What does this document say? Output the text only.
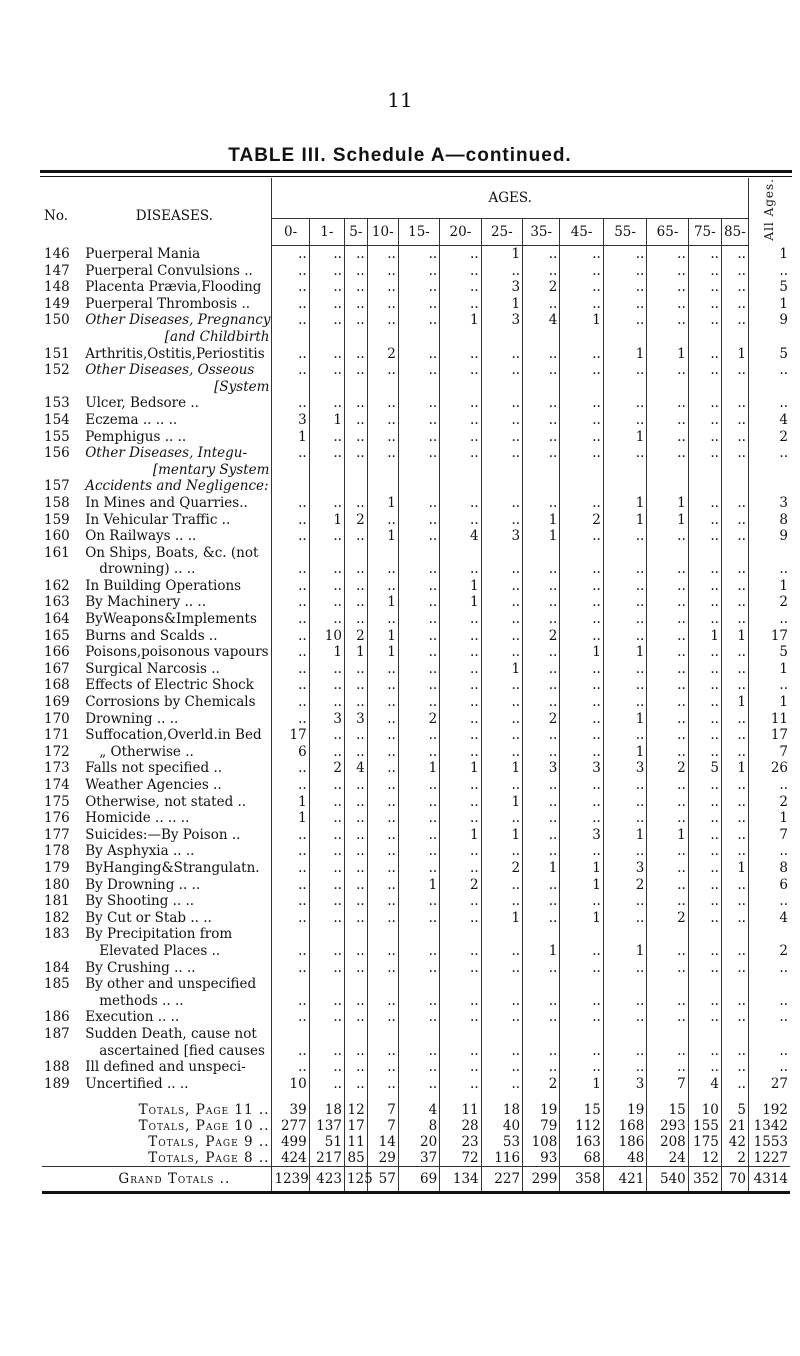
11
TABLE III. Schedule A—continued.
No.	DISEASES.	AGES.													All Ages.
		0-	1-	5-	10-	15-	20-	25-	35-	45-	55-	65-	75-	85-	
146	Puerperal Mania	..	..	..	..	..	..	1	..	..	..	..	..	..	1
147	Puerperal Convulsions ..	..	..	..	..	..	..	..	..	..	..	..	..	..	..
148	Placenta Prævia,Flooding	..	..	..	..	..	..	3	2	..	..	..	..	..	5
149	Puerperal Thrombosis ..	..	..	..	..	..	..	1	..	..	..	..	..	..	1
150	Other Diseases, Pregnancy	..	..	..	..	..	1	3	4	1	..	..	..	..	9
	[and Childbirth														
151	Arthritis,Ostitis,Periostitis	..	..	..	2	..	..	..	..	..	1	1	..	1	5
152	Other Diseases, Osseous	..	..	..	..	..	..	..	..	..	..	..	..	..	..
	[System														
153	Ulcer, Bedsore ..	..	..	..	..	..	..	..	..	..	..	..	..	..	..
154	Eczema .. .. ..	3	1	..	..	..	..	..	..	..	..	..	..	..	4
155	Pemphigus .. ..	1	..	..	..	..	..	..	..	..	1	..	..	..	2
156	Other Diseases, Integu-	..	..	..	..	..	..	..	..	..	..	..	..	..	..
	[mentary System														
157	Accidents and Negligence:														
158	In Mines and Quarries..	..	..	..	1	..	..	..	..	..	1	1	..	..	3
159	In Vehicular Traffic ..	..	1	2	..	..	..	..	1	2	1	1	..	..	8
160	On Railways .. ..	..	..	..	1	..	4	3	1	..	..	..	..	..	9
161	On Ships, Boats, &c. (not														
	drowning) .. ..	..	..	..	..	..	..	..	..	..	..	..	..	..	..
162	In Building Operations	..	..	..	..	..	1	..	..	..	..	..	..	..	1
163	By Machinery .. ..	..	..	..	1	..	1	..	..	..	..	..	..	..	2
164	ByWeapons&Implements	..	..	..	..	..	..	..	..	..	..	..	..	..	..
165	Burns and Scalds ..	..	10	2	1	..	..	..	2	..	..	..	1	1	17
166	Poisons,poisonous vapours	..	1	1	1	..	..	..	..	1	1	..	..	..	5
167	Surgical Narcosis ..	..	..	..	..	..	..	1	..	..	..	..	..	..	1
168	Effects of Electric Shock	..	..	..	..	..	..	..	..	..	..	..	..	..	..
169	Corrosions by Chemicals	..	..	..	..	..	..	..	..	..	..	..	..	1	1
170	Drowning .. ..	..	3	3	..	2	..	..	2	..	1	..	..	..	11
171	Suffocation,Overld.in Bed	17	..	..	..	..	..	..	..	..	..	..	..	..	17
172	„ Otherwise ..	6	..	..	..	..	..	..	..	..	1	..	..	..	7
173	Falls not specified ..	..	2	4	..	1	1	1	3	3	3	2	5	1	26
174	Weather Agencies ..	..	..	..	..	..	..	..	..	..	..	..	..	..	..
175	Otherwise, not stated ..	1	..	..	..	..	..	1	..	..	..	..	..	..	2
176	Homicide .. .. ..	1	..	..	..	..	..	..	..	..	..	..	..	..	1
177	Suicides:—By Poison ..	..	..	..	..	..	1	1	..	3	1	1	..	..	7
178	By Asphyxia .. ..	..	..	..	..	..	..	..	..	..	..	..	..	..	..
179	ByHanging&Strangulatn.	..	..	..	..	..	..	2	1	1	3	..	..	1	8
180	By Drowning .. ..	..	..	..	..	1	2	..	..	1	2	..	..	..	6
181	By Shooting .. ..	..	..	..	..	..	..	..	..	..	..	..	..	..	..
182	By Cut or Stab .. ..	..	..	..	..	..	..	1	..	1	..	2	..	..	4
183	By Precipitation from														
	Elevated Places ..	..	..	..	..	..	..	..	1	..	1	..	..	..	2
184	By Crushing .. ..	..	..	..	..	..	..	..	..	..	..	..	..	..	..
185	By other and unspecified														
	methods .. ..	..	..	..	..	..	..	..	..	..	..	..	..	..	..
186	Execution .. ..	..	..	..	..	..	..	..	..	..	..	..	..	..	..
187	Sudden Death, cause not														
	ascertained [fied causes	..	..	..	..	..	..	..	..	..	..	..	..	..	..
188	Ill defined and unspeci-	..	..	..	..	..	..	..	..	..	..	..	..	..	..
189	Uncertified .. ..	10	..	..	..	..	..	..	2	1	3	7	4	..	27

	Totals, Page 11 ..	39	18	12	7	4	11	18	19	15	19	15	10	5	192
	Totals, Page 10 ..	277	137	17	7	8	28	40	79	112	168	293	155	21	1342
	Totals, Page 9 ..	499	51	11	14	20	23	53	108	163	186	208	175	42	1553
	Totals, Page 8 ..	424	217	85	29	37	72	116	93	68	48	24	12	2	1227
	Grand Totals ..	1239	423	125	57	69	134	227	299	358	421	540	352	70	4314
